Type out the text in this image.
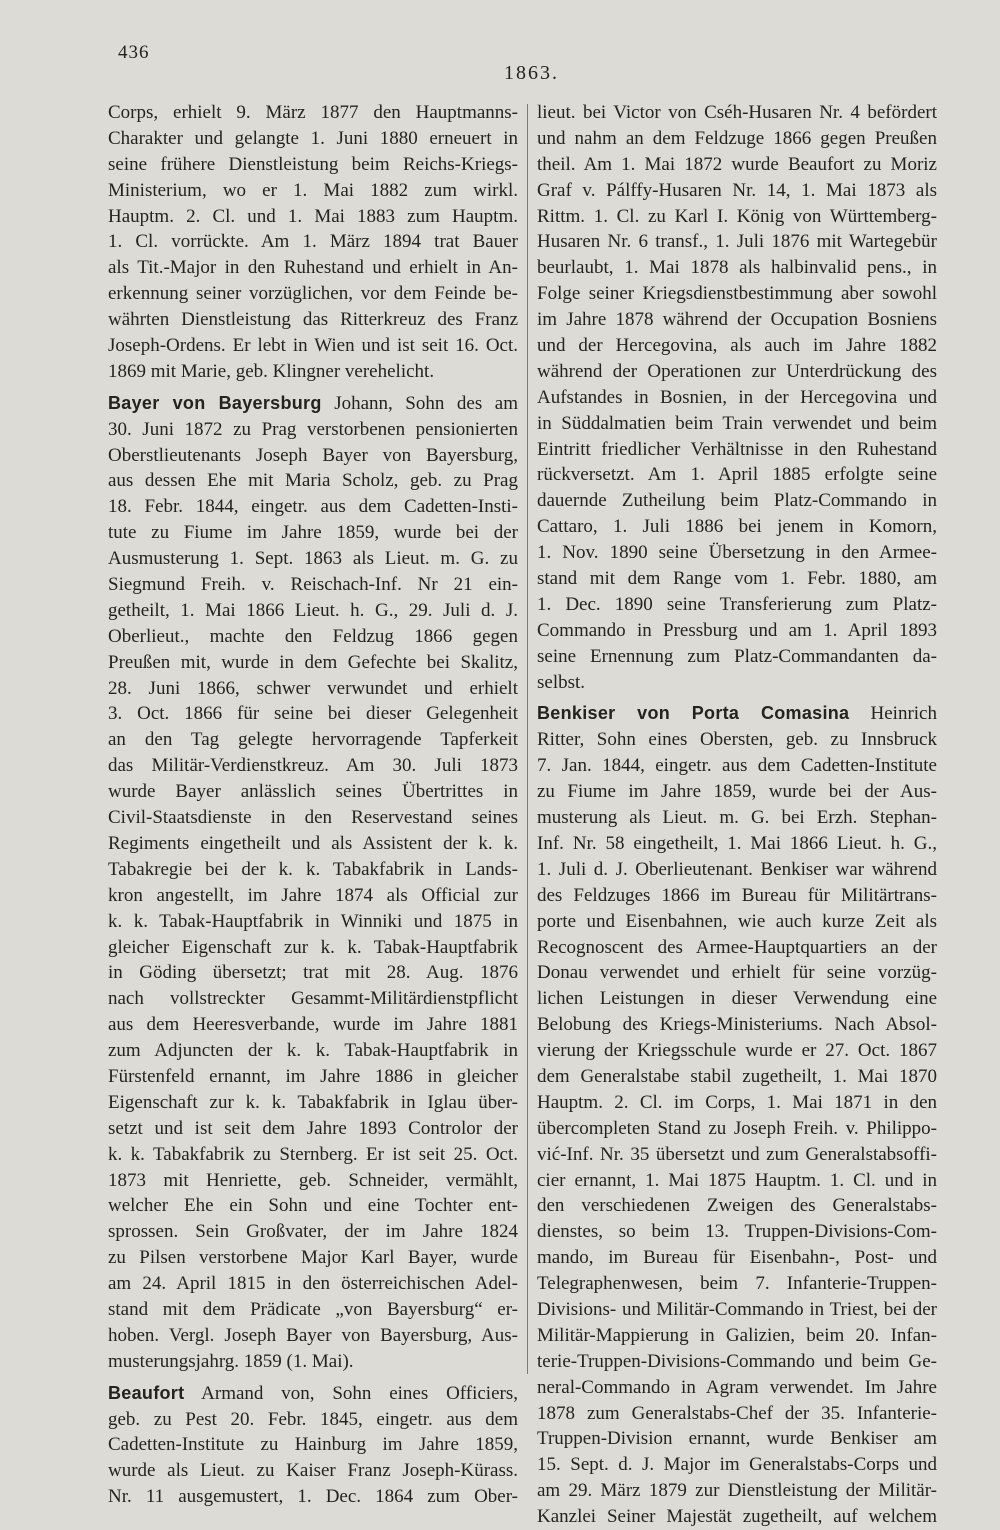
436
1863.
Corps, erhielt 9. März 1877 den Hauptmanns-
Charakter und gelangte 1. Juni 1880 erneuert in
seine frühere Dienstleistung beim Reichs-Kriegs-
Ministerium, wo er 1. Mai 1882 zum wirkl.
Hauptm. 2. Cl. und 1. Mai 1883 zum Hauptm.
1. Cl. vorrückte. Am 1. März 1894 trat Bauer
als Tit.-Major in den Ruhestand und erhielt in An-
erkennung seiner vorzüglichen, vor dem Feinde be-
währten Dienstleistung das Ritterkreuz des Franz
Joseph-Ordens. Er lebt in Wien und ist seit 16. Oct.
1869 mit Marie, geb. Klingner verehelicht.
Bayer von Bayersburg Johann, Sohn des am
30. Juni 1872 zu Prag verstorbenen pensionierten
Oberstlieutenants Joseph Bayer von Bayersburg,
aus dessen Ehe mit Maria Scholz, geb. zu Prag
18. Febr. 1844, eingetr. aus dem Cadetten-Insti-
tute zu Fiume im Jahre 1859, wurde bei der
Ausmusterung 1. Sept. 1863 als Lieut. m. G. zu
Siegmund Freih. v. Reischach-Inf. Nr 21 ein-
getheilt, 1. Mai 1866 Lieut. h. G., 29. Juli d. J.
Oberlieut., machte den Feldzug 1866 gegen
Preußen mit, wurde in dem Gefechte bei Skalitz,
28. Juni 1866, schwer verwundet und erhielt
3. Oct. 1866 für seine bei dieser Gelegenheit
an den Tag gelegte hervorragende Tapferkeit
das Militär-Verdienstkreuz. Am 30. Juli 1873
wurde Bayer anlässlich seines Übertrittes in
Civil-Staatsdienste in den Reservestand seines
Regiments eingetheilt und als Assistent der k. k.
Tabakregie bei der k. k. Tabakfabrik in Lands-
kron angestellt, im Jahre 1874 als Official zur
k. k. Tabak-Hauptfabrik in Winniki und 1875 in
gleicher Eigenschaft zur k. k. Tabak-Hauptfabrik
in Göding übersetzt; trat mit 28. Aug. 1876
nach vollstreckter Gesammt-Militärdienstpflicht
aus dem Heeresverbande, wurde im Jahre 1881
zum Adjuncten der k. k. Tabak-Hauptfabrik in
Fürstenfeld ernannt, im Jahre 1886 in gleicher
Eigenschaft zur k. k. Tabakfabrik in Iglau über-
setzt und ist seit dem Jahre 1893 Controlor der
k. k. Tabakfabrik zu Sternberg. Er ist seit 25. Oct.
1873 mit Henriette, geb. Schneider, vermählt,
welcher Ehe ein Sohn und eine Tochter ent-
sprossen. Sein Großvater, der im Jahre 1824
zu Pilsen verstorbene Major Karl Bayer, wurde
am 24. April 1815 in den österreichischen Adel-
stand mit dem Prädicate „von Bayersburg“ er-
hoben. Vergl. Joseph Bayer von Bayersburg, Aus-
musterungsjahrg. 1859 (1. Mai).
Beaufort Armand von, Sohn eines Officiers,
geb. zu Pest 20. Febr. 1845, eingetr. aus dem
Cadetten-Institute zu Hainburg im Jahre 1859,
wurde als Lieut. zu Kaiser Franz Joseph-Kürass.
Nr. 11 ausgemustert, 1. Dec. 1864 zum Ober-
lieut. bei Victor von Cséh-Husaren Nr. 4 befördert
und nahm an dem Feldzuge 1866 gegen Preußen
theil. Am 1. Mai 1872 wurde Beaufort zu Moriz
Graf v. Pálffy-Husaren Nr. 14, 1. Mai 1873 als
Rittm. 1. Cl. zu Karl I. König von Württemberg-
Husaren Nr. 6 transf., 1. Juli 1876 mit Wartegebür
beurlaubt, 1. Mai 1878 als halbinvalid pens., in
Folge seiner Kriegsdienstbestimmung aber sowohl
im Jahre 1878 während der Occupation Bosniens
und der Hercegovina, als auch im Jahre 1882
während der Operationen zur Unterdrückung des
Aufstandes in Bosnien, in der Hercegovina und
in Süddalmatien beim Train verwendet und beim
Eintritt friedlicher Verhältnisse in den Ruhestand
rückversetzt. Am 1. April 1885 erfolgte seine
dauernde Zutheilung beim Platz-Commando in
Cattaro, 1. Juli 1886 bei jenem in Komorn,
1. Nov. 1890 seine Übersetzung in den Armee-
stand mit dem Range vom 1. Febr. 1880, am
1. Dec. 1890 seine Transferierung zum Platz-
Commando in Pressburg und am 1. April 1893
seine Ernennung zum Platz-Commandanten da-
selbst.
Benkiser von Porta Comasina Heinrich
Ritter, Sohn eines Obersten, geb. zu Innsbruck
7. Jan. 1844, eingetr. aus dem Cadetten-Institute
zu Fiume im Jahre 1859, wurde bei der Aus-
musterung als Lieut. m. G. bei Erzh. Stephan-
Inf. Nr. 58 eingetheilt, 1. Mai 1866 Lieut. h. G.,
1. Juli d. J. Oberlieutenant. Benkiser war während
des Feldzuges 1866 im Bureau für Militärtrans-
porte und Eisenbahnen, wie auch kurze Zeit als
Recognoscent des Armee-Hauptquartiers an der
Donau verwendet und erhielt für seine vorzüg-
lichen Leistungen in dieser Verwendung eine
Belobung des Kriegs-Ministeriums. Nach Absol-
vierung der Kriegsschule wurde er 27. Oct. 1867
dem Generalstabe stabil zugetheilt, 1. Mai 1870
Hauptm. 2. Cl. im Corps, 1. Mai 1871 in den
übercompleten Stand zu Joseph Freih. v. Philippo-
vić-Inf. Nr. 35 übersetzt und zum Generalstabsoffi-
cier ernannt, 1. Mai 1875 Hauptm. 1. Cl. und in
den verschiedenen Zweigen des Generalstabs-
dienstes, so beim 13. Truppen-Divisions-Com-
mando, im Bureau für Eisenbahn-, Post- und
Telegraphenwesen, beim 7. Infanterie-Truppen-
Divisions- und Militär-Commando in Triest, bei der
Militär-Mappierung in Galizien, beim 20. Infan-
terie-Truppen-Divisions-Commando und beim Ge-
neral-Commando in Agram verwendet. Im Jahre
1878 zum Generalstabs-Chef der 35. Infanterie-
Truppen-Division ernannt, wurde Benkiser am
15. Sept. d. J. Major im Generalstabs-Corps und
am 29. März 1879 zur Dienstleistung der Militär-
Kanzlei Seiner Majestät zugetheilt, auf welchem
